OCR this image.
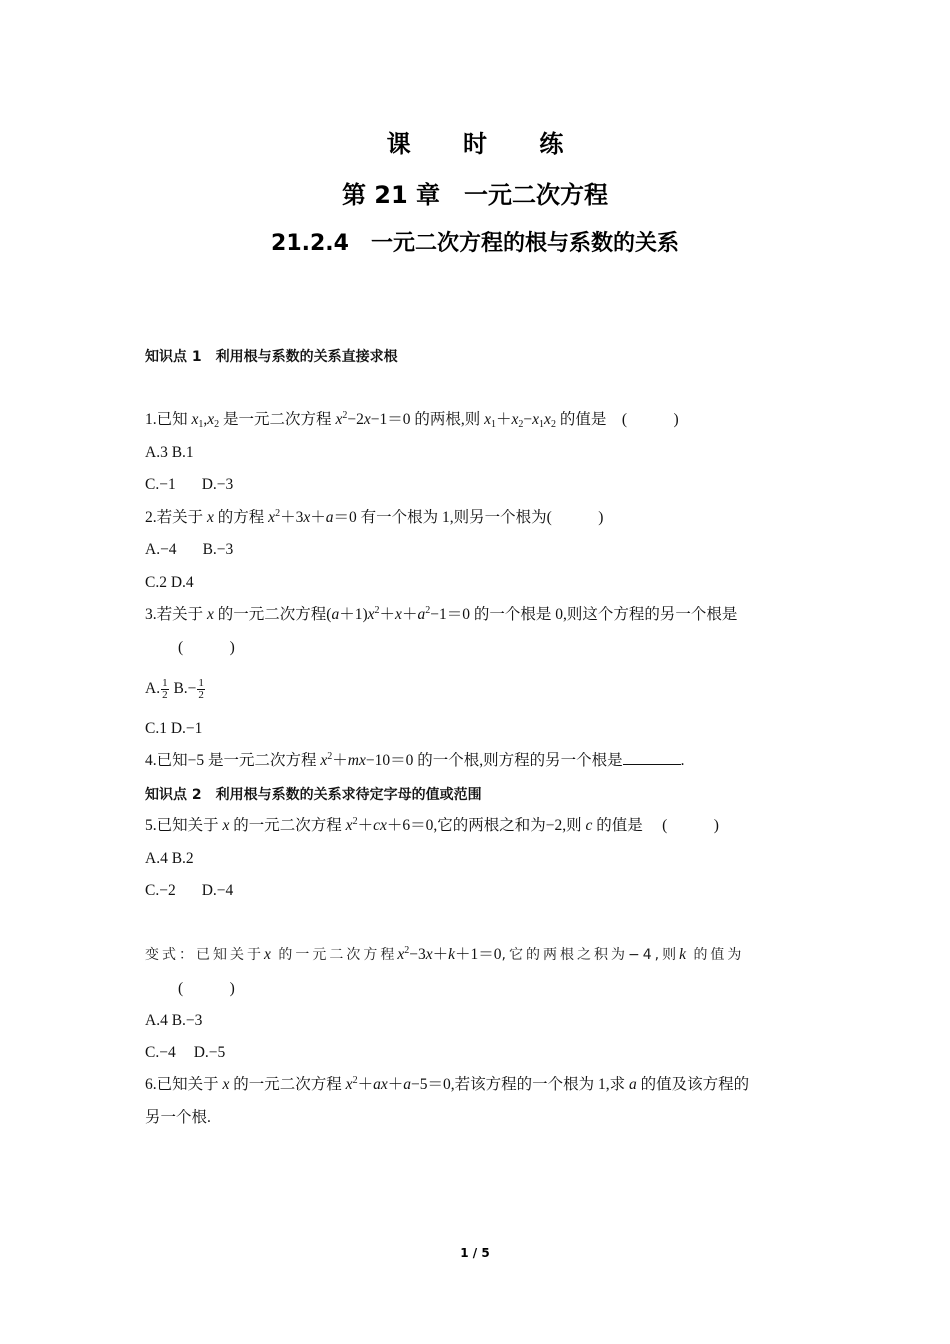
课 时 练
第 21 章　一元二次方程
21.2.4　一元二次方程的根与系数的关系
知识点 1　利用根与系数的关系直接求根
1.已知 $x_1,x_2$ 是一元二次方程 $x^2-2x-1=0$ 的两根,则 $x_1+x_2-x_1x_2$ 的值是　(　　　)
A.3 B.1
C.−1 D.−3
2.若关于 x 的方程 $x^2+3x+a=0$ 有一个根为 1,则另一个根为(　　　)
A.−4 B.−3
C.2 D.4
3.若关于 x 的一元二次方程$(a+1)x^2+x+a^2-1=0$ 的一个根是 0,则这个方程的另一个根是
(　　　)
A. $\frac{1}{2} B.- \frac{1}{2}$
C.1 D.−1
4.已知−5 是一元二次方程 $x^2+mx-10=0$ 的一个根,则方程的另一个根是	.
知识点 2　利用根与系数的关系求待定字母的值或范围
5.已知关于 x 的一元二次方程 $x^2+cx+6=0$,它的两根之和为−2,则 c 的值是　 (　　　)
A.4 B.2
C.−2 D.−4
变式：已知关于x 的一元二次方程$x^2-3x+k+1=0$,它的两根之积为−4,则k 的值为
(　　　)
A.4 B.−3
C.−4 D.−5
6.已知关于 x 的一元二次方程 $x^2+ax+a-5=0$,若该方程的一个根为 1,求 a 的值及该方程的
另一个根.
1 / 5
